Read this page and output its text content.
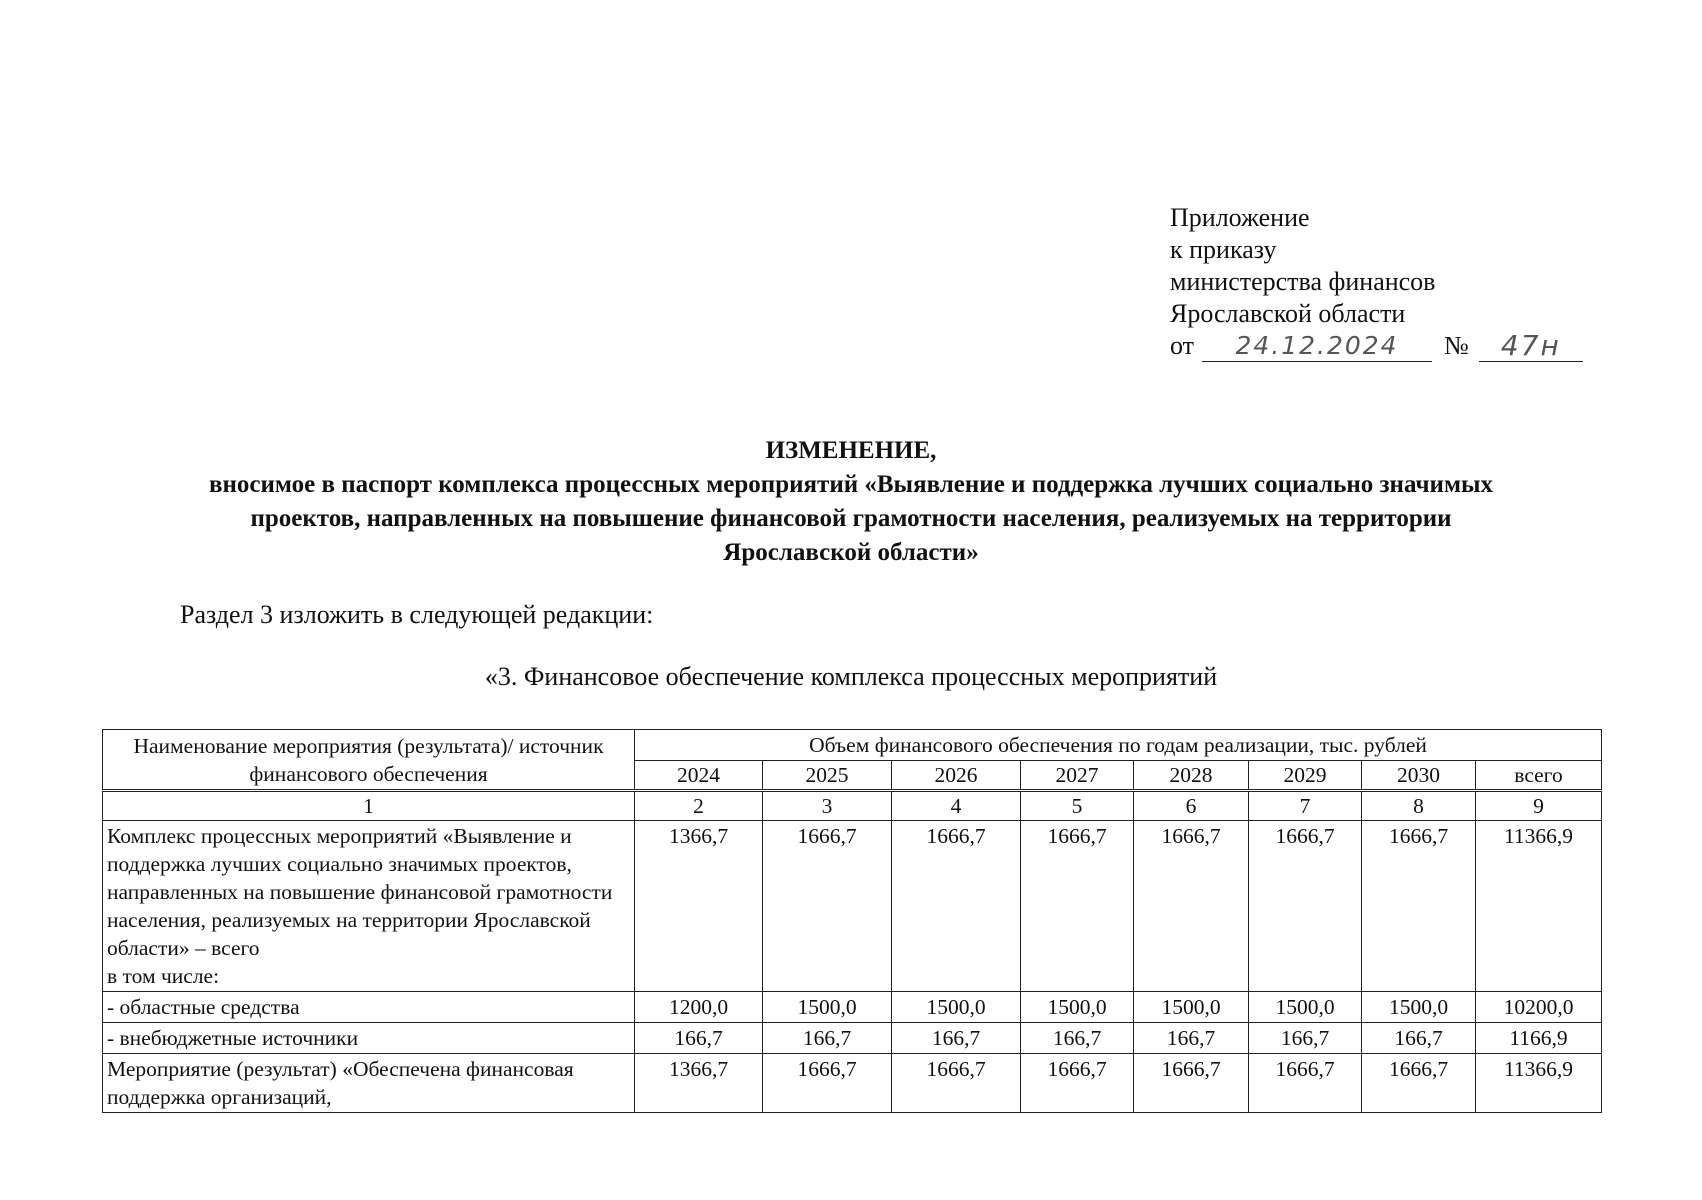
Приложение
к приказу
министерства финансов
Ярославской области
от	24.12.2024	№	47н
ИЗМЕНЕНИЕ,
вносимое в паспорт комплекса процессных мероприятий «Выявление и поддержка лучших социально значимых
проектов, направленных на повышение финансовой грамотности населения, реализуемых на территории
Ярославской области»
Раздел 3 изложить в следующей редакции:
«3. Финансовое обеспечение комплекса процессных мероприятий
Наименование мероприятия (результата)/ источник финансового обеспечения	Объем финансового обеспечения по годам реализации, тыс. рублей							
	2024	2025	2026	2027	2028	2029	2030	всего
1	2	3	4	5	6	7	8	9
Комплекс процессных мероприятий «Выявление и поддержка лучших социально значимых проектов, направленных на повышение финансовой грамотности населения, реализуемых на территории Ярославской области» – всего
в том числе:	1366,7	1666,7	1666,7	1666,7	1666,7	1666,7	1666,7	11366,9
- областные средства	1200,0	1500,0	1500,0	1500,0	1500,0	1500,0	1500,0	10200,0
- внебюджетные источники	166,7	166,7	166,7	166,7	166,7	166,7	166,7	1166,9
Мероприятие (результат) «Обеспечена финансовая поддержка организаций,	1366,7	1666,7	1666,7	1666,7	1666,7	1666,7	1666,7	11366,9
